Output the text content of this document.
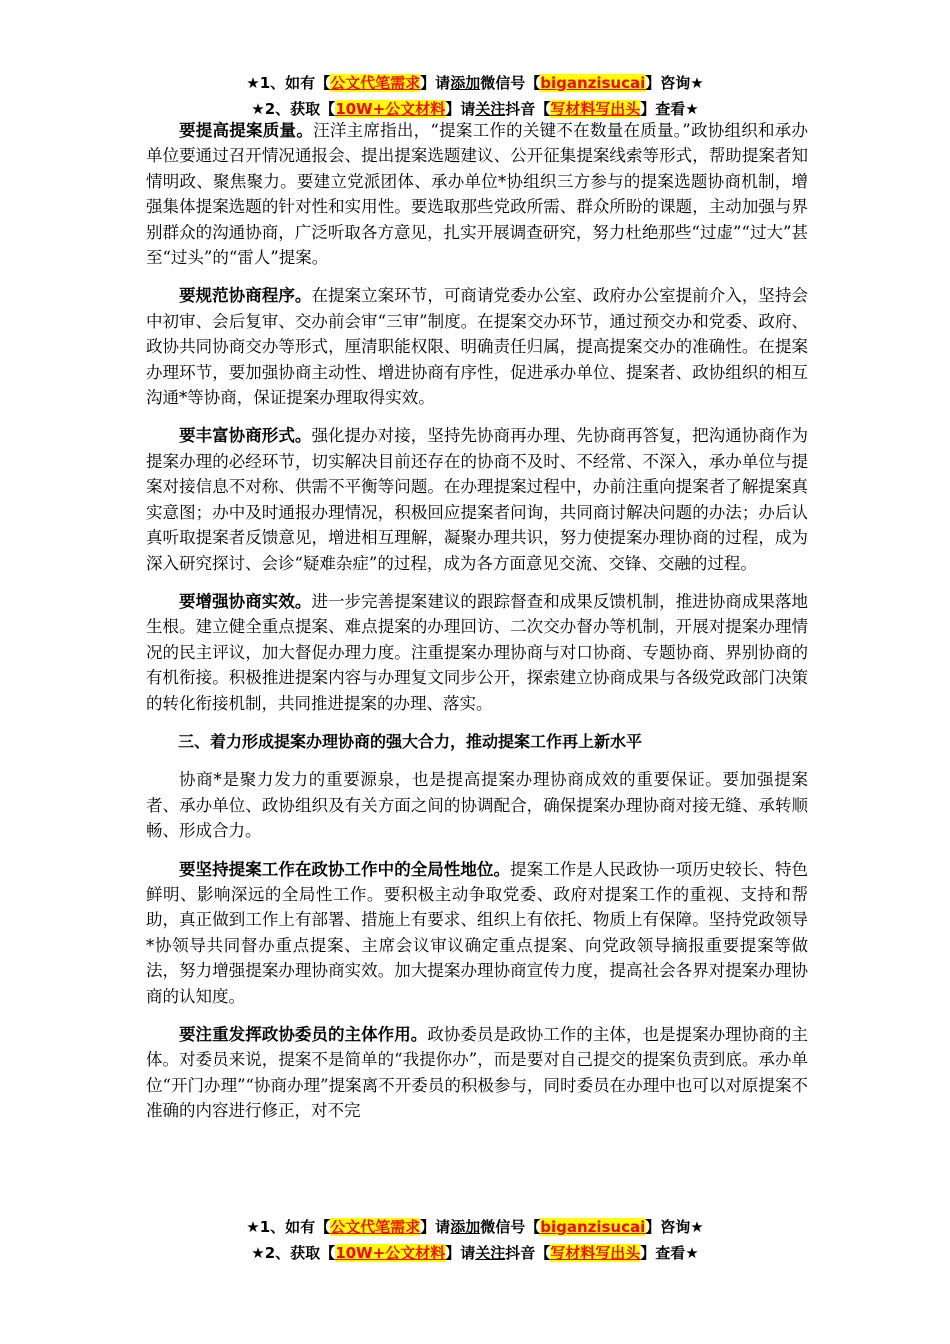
★1、如有【公文代笔需求】请添加微信号【biganzisucai】咨询★
★2、获取【10W+公文材料】请关注抖音【写材料写出头】查看★

要提高提案质量。汪洋主席指出，“提案工作的关键不在数量在质量。”政协组织和承办单位要通过召开情况通报会、提出提案选题建议、公开征集提案线索等形式，帮助提案者知情明政、聚焦聚力。要建立党派团体、承办单位*协组织三方参与的提案选题协商机制，增强集体提案选题的针对性和实用性。要选取那些党政所需、群众所盼的课题，主动加强与界别群众的沟通协商，广泛听取各方意见，扎实开展调查研究，努力杜绝那些“过虚”“过大”甚至“过头”的“雷人”提案。

要规范协商程序。在提案立案环节，可商请党委办公室、政府办公室提前介入，坚持会中初审、会后复审、交办前会审“三审”制度。在提案交办环节，通过预交办和党委、政府、政协共同协商交办等形式，厘清职能权限、明确责任归属，提高提案交办的准确性。在提案办理环节，要加强协商主动性、增进协商有序性，促进承办单位、提案者、政协组织的相互沟通*等协商，保证提案办理取得实效。

要丰富协商形式。强化提办对接，坚持先协商再办理、先协商再答复，把沟通协商作为提案办理的必经环节，切实解决目前还存在的协商不及时、不经常、不深入，承办单位与提案对接信息不对称、供需不平衡等问题。在办理提案过程中，办前注重向提案者了解提案真实意图；办中及时通报办理情况，积极回应提案者问询，共同商讨解决问题的办法；办后认真听取提案者反馈意见，增进相互理解，凝聚办理共识，努力使提案办理协商的过程，成为深入研究探讨、会诊“疑难杂症”的过程，成为各方面意见交流、交锋、交融的过程。

要增强协商实效。进一步完善提案建议的跟踪督查和成果反馈机制，推进协商成果落地生根。建立健全重点提案、难点提案的办理回访、二次交办督办等机制，开展对提案办理情况的民主评议，加大督促办理力度。注重提案办理协商与对口协商、专题协商、界别协商的有机衔接。积极推进提案内容与办理复文同步公开，探索建立协商成果与各级党政部门决策的转化衔接机制，共同推进提案的办理、落实。

三、着力形成提案办理协商的强大合力，推动提案工作再上新水平

协商*是聚力发力的重要源泉，也是提高提案办理协商成效的重要保证。要加强提案者、承办单位、政协组织及有关方面之间的协调配合，确保提案办理协商对接无缝、承转顺畅、形成合力。

要坚持提案工作在政协工作中的全局性地位。提案工作是人民政协一项历史较长、特色鲜明、影响深远的全局性工作。要积极主动争取党委、政府对提案工作的重视、支持和帮助，真正做到工作上有部署、措施上有要求、组织上有依托、物质上有保障。坚持党政领导*协领导共同督办重点提案、主席会议审议确定重点提案、向党政领导摘报重要提案等做法，努力增强提案办理协商实效。加大提案办理协商宣传力度，提高社会各界对提案办理协商的认知度。

要注重发挥政协委员的主体作用。政协委员是政协工作的主体，也是提案办理协商的主体。对委员来说，提案不是简单的“我提你办”，而是要对自己提交的提案负责到底。承办单位“开门办理”“协商办理”提案离不开委员的积极参与，同时委员在办理中也可以对原提案不准确的内容进行修正，对不完

★1、如有【公文代笔需求】请添加微信号【biganzisucai】咨询★
★2、获取【10W+公文材料】请关注抖音【写材料写出头】查看★
